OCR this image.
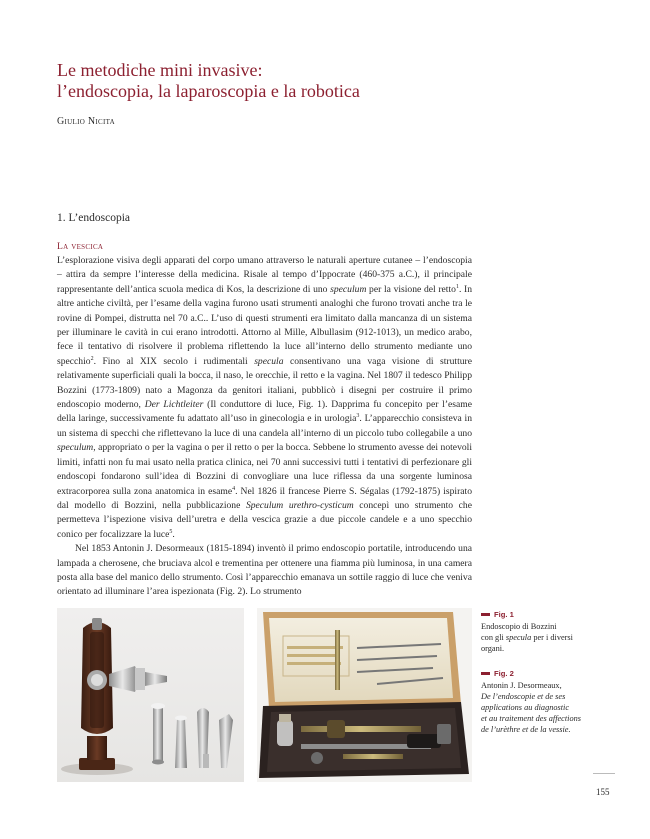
Le metodiche mini invasive:
l’endoscopia, la laparoscopia e la robotica
Giulio Nicita
1. L’endoscopia
La vescica

L’esplorazione visiva degli apparati del corpo umano attraverso le naturali aperture cutanee – l’endoscopia – attira da sempre l’interesse della medicina. Risale al tempo d’Ippocrate (460-375 a.C.), il principale rappresentante dell’antica scuola medica di Kos, la descrizione di uno speculum per la visione del retto$^1$. In altre antiche civiltà, per l’esame della vagina furono usati strumenti analoghi che furono trovati anche tra le rovine di Pompei, distrutta nel 70 a.C.. L’uso di questi strumenti era limitato dalla mancanza di un sistema per illuminare le cavità in cui erano introdotti. Attorno al Mille, Albullasim (912-1013), un medico arabo, fece il tentativo di risolvere il problema riflettendo la luce all’interno dello strumento mediante uno specchio$^2$. Fino al XIX secolo i rudimentali specula consentivano una vaga visione di strutture relativamente superficiali quali la bocca, il naso, le orecchie, il retto e la vagina. Nel 1807 il tedesco Philipp Bozzini (1773-1809) nato a Magonza da genitori italiani, pubblicò i disegni per costruire il primo endoscopio moderno, Der Lichtleiter (Il conduttore di luce, Fig. 1). Dapprima fu concepito per l’esame della laringe, successivamente fu adattato all’uso in ginecologia e in urologia$^3$. L’apparecchio consisteva in un sistema di specchi che riflettevano la luce di una candela all’interno di un piccolo tubo collegabile a uno speculum, appropriato o per la vagina o per il retto o per la bocca. Sebbene lo strumento avesse dei notevoli limiti, infatti non fu mai usato nella pratica clinica, nei 70 anni successivi tutti i tentativi di perfezionare gli endoscopi fondarono sull’idea di Bozzini di convogliare una luce riflessa da una sorgente luminosa extracorporea sulla zona anatomica in esame$^4$. Nel 1826 il francese Pierre S. Ségalas (1792-1875) ispirato dal modello di Bozzini, nella pubblicazione Speculum urethro-cysticum concepì uno strumento che permetteva l’ispezione visiva dell’uretra e della vescica grazie a due piccole candele e a uno specchio conico per focalizzare la luce$^5$.

Nel 1853 Antonin J. Desormeaux (1815-1894) inventò il primo endoscopio portatile, introducendo una lampada a cherosene, che bruciava alcol e trementina per ottenere una fiamma più luminosa, in una camera posta alla base del manico dello strumento. Così l’apparecchio emanava un sottile raggio di luce che veniva orientato ad illuminare l’area ispezionata (Fig. 2). Lo strumento

Fig. 1
Endoscopio di Bozzini
con gli specula per i diversi
organi.
Fig. 2
Antonin J. Desormeaux,
De l’endoscopie et de ses
applications au diagnostic
et au traitement des affections
de l’urèthre et de la vessie.
155
